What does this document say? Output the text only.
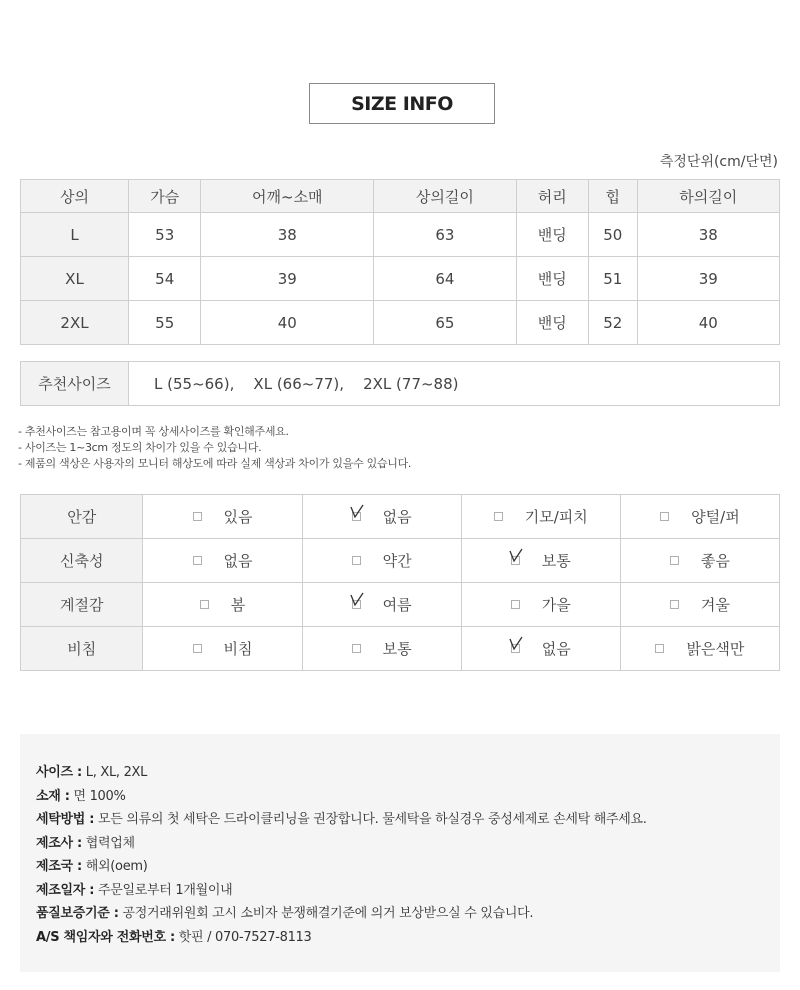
SIZE INFO
측정단위(cm/단면)
상의	가슴	어깨~소매	상의길이	허리	힙	하의길이
L	53	38	63	밴딩	50	38
XL	54	39	64	밴딩	51	39
2XL	55	40	65	밴딩	52	40
추천사이즈	L (55~66),    XL (66~77),    2XL (77~88)
- 추천사이즈는 참고용이며 꼭 상세사이즈를 확인해주세요.
- 사이즈는 1~3cm 정도의 차이가 있을 수 있습니다.
- 제품의 색상은 사용자의 모니터 해상도에 따라 실제 색상과 차이가 있을수 있습니다.
안감	있음	없음	기모/피치	양털/퍼
신축성	없음	약간	보통	좋음
계절감	봄	여름	가을	겨울
비침	비침	보통	없음	밝은색만
사이즈 : L, XL, 2XL
소재 : 면 100%
세탁방법 : 모든 의류의 첫 세탁은 드라이클리닝을 권장합니다. 물세탁을 하실경우 중성세제로 손세탁 해주세요.
제조사 : 협력업체
제조국 : 해외(oem)
제조일자 : 주문일로부터 1개월이내
품질보증기준 : 공정거래위원회 고시 소비자 분쟁해결기준에 의거 보상받으실 수 있습니다.
A/S 책임자와 전화번호 : 핫핀 / 070-7527-8113
